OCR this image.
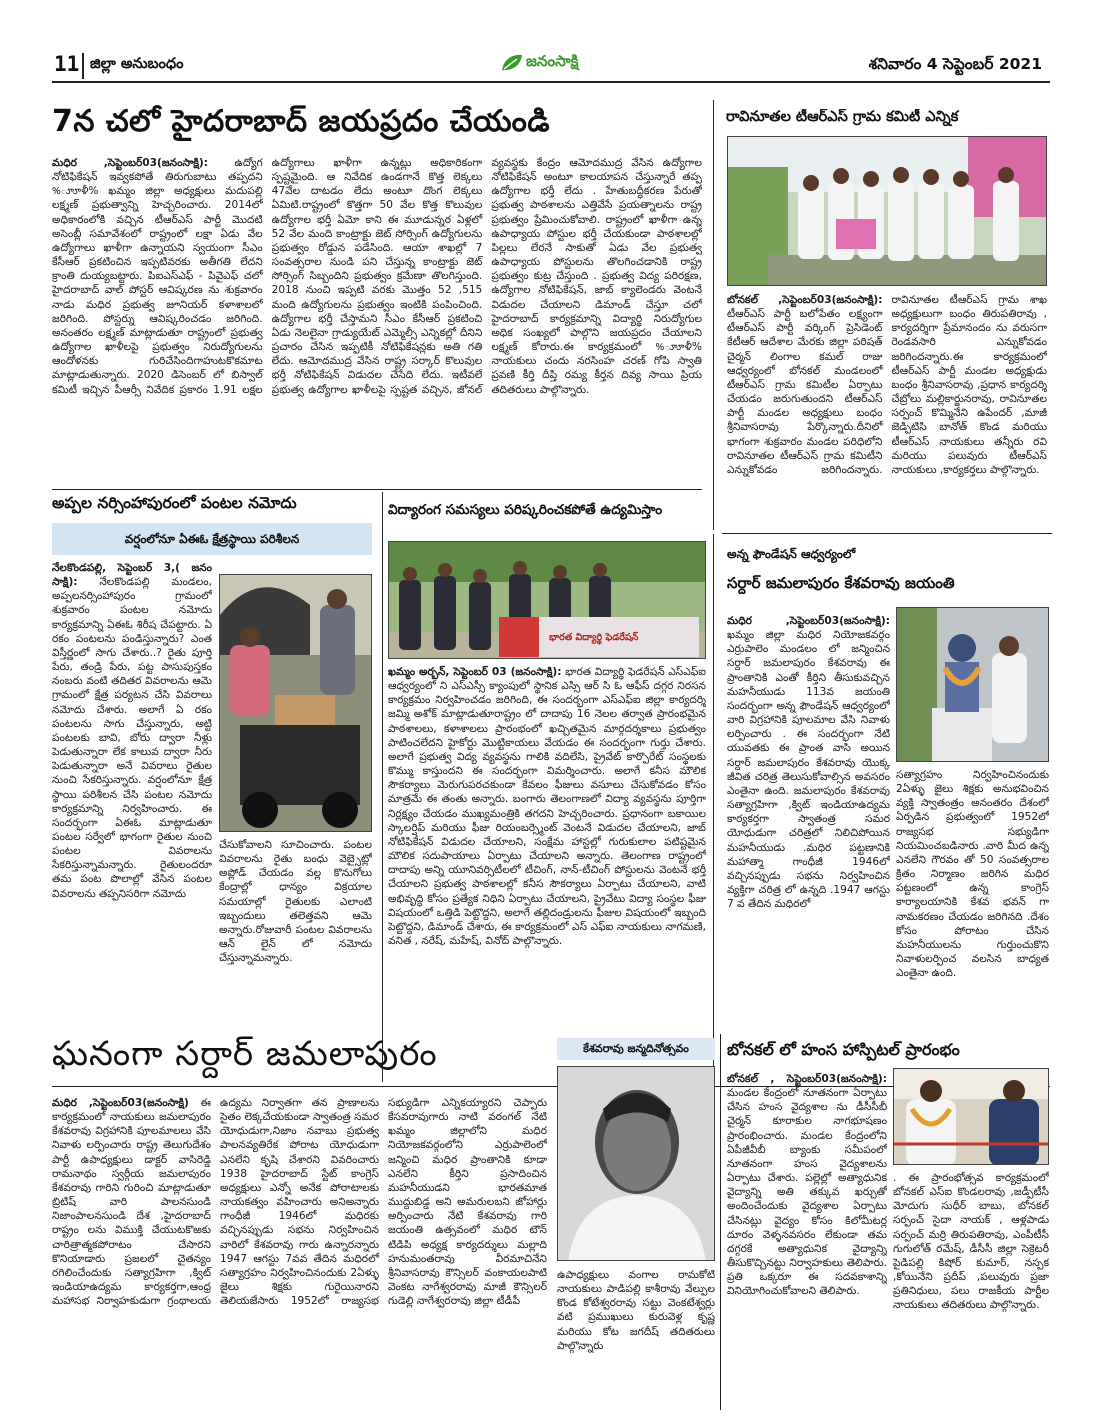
11 జిల్లా అనుబంధం	జనంసాక్షి	శనివారం 4 సెప్టెంబర్ 2021
7న చలో హైదరాబాద్ జయప్రదం చేయండి
మధిర ,సెప్టెంబర్03(జనంసాక్షి): ఉద్యోగ నోటిఫికేషన్ ఇవ్వకపోతే తిరుగుబాటు తప్పదని %ూూళీ% ఖమ్మం జిల్లా అధ్యక్షులు మదుపల్లి లక్ష్మణ్ ప్రభుత్వాన్ని హెచ్చరించారు. 2014లో అధికారంలోకి వచ్చిన టీఆర్ఎస్ పార్టీ మొదటి అసెంబ్లీ సమావేశంలో రాష్ట్రంలో లక్షా ఏడు వేల ఉద్యోగాలు ఖాళీగా ఉన్నాయని స్వయంగా సీఎం కేసీఆర్ ప్రకటించిన ఇప్పటివరకు అతీగతి లేదని క్రాంతి దుయ్యబట్టారు. పిఐఎస్ఎఫ్ - పివైఎఫ్ చలో హైదరాబాద్ వాల్ పోస్టర్ ఆవిష్కరణ ను శుక్రవారం నాడు మధిర ప్రభుత్వ జూనియర్ కళాశాలలో జరిగింది. పోస్టర్ను ఆవిష్కరించడం జరిగింది. అనంతరం లక్ష్మణ్ మాట్లాడుతూ రాష్ట్రంలో ప్రభుత్వ ఉద్యోగాల ఖాళీలపై ప్రభుత్వం నిరుద్యోగులను ఆందోళనకు గురిచేసిందిగాహుటకొకమాట మాట్లాడుతున్నారు. 2020 డిసెంబర్ లో బిస్వాల్ కమిటీ ఇచ్చిన పీఆర్సీ నివేదిక ప్రకారం 1.91 లక్షల ఉద్యోగాలు ఖాళీగా ఉన్నట్లు అధికారికంగా స్పష్టమైంది. ఆ నివేదిక ఉండగానే కొత్త లెక్కలు 47వేల దాటడం లేదు అంటూ దొంగ లెక్కలు ఏమిటి.రాష్ట్రంలో కొత్తగా 50 వేల కొత్త కొలువుల ఉద్యోగాల భర్తీ ఏమో కాని ఈ మూడున్నర ఏళ్లలో 52 వేల మంది కాంట్రాక్టు జెట్ సోర్సింగ్ ఉద్యోగులను ప్రభుత్వం రోడ్డున పడేసింది. ఆయా శాఖల్లో 7 సంవత్సరాల నుండి పని చేస్తున్న కాంట్రాక్టు జెట్ సోర్సింగ్ సిబ్బందిని ప్రభుత్వం క్రమేణా తొలగిస్తుంది. 2018 నుంచి ఇప్పటి వరకు మొత్తం 52 ,515 మంది ఉద్యోగులను ప్రభుత్వం ఇంటికి పంపించింది. ఉద్యోగాల భర్తీ చేస్తామని సీఎం కేసీఆర్ ప్రకటించి ఏడు నెలలైనా గ్రాడ్యుయేట్ ఎమ్మెల్సీ ఎన్నికల్లో దీనిని ప్రచారం చేసిన ఇప్పటికీ నోటిఫికేషన్లకు అతి గతి లేదు. ఆమోదముద్ర వేసిన రాష్ట్ర సర్కార్ కొలువుల భర్తీ నోటిఫికేషన్ విడుదల చేసేది లేదు. ఇటీవలే ప్రభుత్వ ఉద్యోగాల ఖాళీలపై స్పష్టత వచ్చిన, జోనల్ వ్యవస్థకు కేంద్రం ఆమోదముద్ర వేసిన ఉద్యోగాల నోటిఫికేషన్ అంటూ కాలయాపన చేస్తున్నారే తప్ప ఉద్యోగాల భర్తీ లేదు . హేతుబద్ధీకరణ పేరుతో ప్రభుత్వ పాఠశాలను ఎత్తివేసే ప్రయత్నాలను రాష్ట్ర ప్రభుత్వం ప్రేమించుకోవాలి. రాష్ట్రంలో ఖాళీగా ఉన్న ఉపాధ్యాయ పోస్టుల భర్తీ చేయకుండా పాఠశాలల్లో పిల్లలు లేరనే సాకుతో ఏడు వేల ప్రభుత్వ ఉపాధ్యాయ పోస్టులను తొలగించడానికి రాష్ట్ర ప్రభుత్వం కుట్ర చేస్తుంది . ప్రభుత్వ విద్య పరిరక్షణ, ఉద్యోగాల నోటిఫికేషన్, జాబ్ క్యాలెండరు వెంటనే విడుదల చేయాలని డిమాండ్ చేస్తూ చలో హైదరాబాద్ కార్యక్రమాన్ని విద్యార్థి నిరుద్యోగుల అధిక సంఖ్యలో పాల్గొని జయప్రదం చేయాలని లక్ష్మణ్ కోరారు.ఈ కార్యక్రమంలో %ూూళీ% నాయకులు చందు నరసింహ చరణ్ గోపి స్వాతి ప్రవణి కీర్తి దీప్తి రమ్య కీర్తన దివ్య సాయి ప్రియ తదితరులు పాల్గొన్నారు.
రావినూతల టీఆర్ఎస్ గ్రామ కమిటీ ఎన్నిక
బోనకల్ ,సెప్టెంబర్03(జనంసాక్షి): టీఆర్ఎస్ పార్టీ బలోపేతం లక్ష్యంగా టీఆర్ఎస్ పార్టీ వర్కింగ్ ప్రెసిడెంట్ కేటీఆర్ ఆదేశాల మేరకు జిల్లా పరిషత్ చైర్మన్ లింగాల కమల్ రాజు ఆధ్వర్యంలో బోనకల్ మండలంలో టీఆర్ఎస్ గ్రామ కమిటీల ఏర్పాటు చేయడం జరుగుతుందని టీఆర్ఎస్ పార్టీ మండల అధ్యక్షులు బంధం శ్రీనివాసరావు పేర్కొన్నారు.దీనిలో భాగంగా శుక్రవారం మండల పరిధిలోని రావినూతల టీఆర్ఎస్ గ్రామ కమిటీని ఎన్నుకోవడం జరిగిందన్నారు. రావినూతల టీఆర్ఎస్ గ్రామ శాఖ అధ్యక్షులుగా బంధం తిరుపతిరావు , కార్యదర్శిగా ప్రేమానందం ను వరుసగా రెండవసారి ఎన్నుకోవడం జరిగిందన్నారు.ఈ కార్యక్రమంలో టీఆర్ఎస్ పార్టీ మండల అధ్యక్షుడు బంధం శ్రీనివాసరావు ,ప్రధాన కార్యదర్శి చేబ్రోలు మల్లికార్జునరావు, రావినూతల సర్పంచ్ కొమ్మినేని ఉపేందర్ ,మాజీ జెడ్పిటిసి బానోత్ కొండ మరియు టీఆర్ఎస్ నాయకులు తన్నీరు రవి మరియు పలువురు టీఆర్ఎస్ నాయకులు ,కార్యకర్తలు పాల్గొన్నారు.
అప్పల నర్సింహాపురంలో పంటల నమోదు
వర్షంలోనూ ఏఈఓ క్షేత్రస్థాయి పరిశీలన
నేలకొండపల్లి, సెప్టెంబర్ 3,( జనం సాక్షి): నేలకొండపల్లి మండలం, అప్పలనర్సింహాపురం గ్రామంలో శుక్రవారం పంటల నమోదు కార్యక్రమాన్ని ఏఈఓ శిరీష చేపట్టారు. ఏ రకం పంటలను పండిస్తున్నారు? ఎంత విస్తీర్ణంలో సాగు చేశారు..? రైతు పూర్తి పేరు, తండ్రి పేరు, పట్ట పాసుపుస్తకం నంబరు వంటి తదితర వివరాలను ఆమె గ్రామంలో క్షేత్ర పర్యటన చేసి వివరాలు నమోదు చేశారు. అలాగే ఏ రకం పంటలను సాగు చేస్తున్నారు, అట్టి పంటలకు బావి, బోరు ద్వారా నీళ్లు పెడుతున్నారా లేక కాలువ ద్వారా నీరు పెడుతున్నారా అనే వివరాలు రైతుల నుంచి సేకరిస్తున్నారు. వర్షంలోనూ క్షేత్ర స్థాయి పరిశీలన చేసి పంటల నమోదు కార్యక్రమాన్ని నిర్వహించారు. ఈ సందర్భంగా ఏఈఓ మాట్లాడుతూ పంటల సర్వేలో భాగంగా రైతుల నుంచి పంటల వివరాలను సేకరిస్తున్నామన్నారు. రైతులందరూ తమ పంట పొలాల్లో వేసిన పంటల వివరాలను తప్పనిసరిగా నమోదు
చేసుకోవాలని సూచించారు. పంటల వివరాలను రైతు బంధు వెబ్సైట్లో అప్లోడ్ చేయడం వల్ల కొనుగోలు కేంద్రాల్లో ధాన్యం విక్రయాల సమయాల్లో రైతులకు ఎలాంటి ఇబ్బందులు తలెత్తవని ఆమె అన్నారు.రోజువారీ పంటల వివరాలను ఆన్ లైన్ లో నమోదు చేస్తున్నామన్నారు.
విద్యారంగ సమస్యలు పరిష్కరించకపోతే ఉద్యమిస్తాం
భారత విద్యార్థి ఫెడరేషన్
ఖమ్మం అర్బన్, సెప్టెంబర్ 03 (జనంసాక్షి): భారత విద్యార్థి ఫెడరేషన్ ఎస్ఎఫ్ఐ ఆధ్వర్యంలో ని ఎస్ఎస్సీ క్యాంపులో స్థానిక ఎస్సి ఆర్ సి ఓ ఆఫీస్ దగ్గర నిరసన కార్యక్రమం నిర్వహించడం జరిగింది, ఈ సందర్భంగా ఎస్ఎఫ్ఐ జిల్లా కార్యదర్శి జమ్మి అశోక్ మాట్లాడుతూరాష్ట్రం లో దాదాపు 16 నెలల తర్వాత ప్రారంభమైన పాఠశాలలు, కళాశాలలు ప్రారంభంలో ఖచ్చితమైన మార్గదర్శకాలు ప్రభుత్వం పాటించలేదని హైకోర్టు మొట్టికాయలు వేయడం ఈ సందర్భంగా గుర్తు చేశారు. అలాగే ప్రభుత్వ విద్య వ్యవస్థను గాలికి వదిలేసి, ప్రైవేట్ కార్పొరేట్ సంస్థలకు కొమ్ము కాస్తుందని ఈ సందర్భంగా విమర్శించారు. అలాగే కనీస మౌలిక సౌకర్యాలు మెరుగుపరచకుండా కేవలం ఫీజులు వసూలు చేసుకోవడం కోసం మాత్రమే ఈ తంతు అన్నారు. బంగారు తెలంగాణలో విద్యా వ్యవస్థను పూర్తిగా నిర్లక్ష్యం చేయడం ముఖ్యమంత్రికి తగదని హెచ్చరించారు. ప్రధానంగా బకాయిల స్కాలర్షిప్ మరియు ఫీజు రియంబర్స్మెంట్ వెంటనే విడుదల చేయాలని, జాబ్ నోటిఫికేషన్ విడుదల చేయాలని, సంక్షేమ హాస్టల్లో గురుకులాల పటిష్టమైన మౌలిక సదుపాయాలు ఏర్పాటు చేయాలని అన్నారు. తెలంగాణ రాష్ట్రంలో దాదాపు అన్ని యూనివర్సిటీలలో టీచింగ్, నాన్-టీచింగ్ పోస్టులను వెంటనే భర్తీ చేయాలని ప్రభుత్వ పాఠశాలల్లో కనీస సౌకర్యాలు ఏర్పాటు చేయాలని, వాటి అభివృద్ధి కోసం ప్రత్యేక నిధిని ఏర్పాటు చేయాలని, ప్రైవేటు విద్యా సంస్థల ఫీజు విషయంలో ఒత్తిడి పెట్టొద్దని, అలాగే తల్లిదండ్రులను ఫీజుల విషయంలో ఇబ్బంది పెట్టొద్దని, డిమాండ్ చేశారు, ఈ కార్యక్రమంలో ఎస్ ఎఫ్ఐ నాయకులు నాగమణి, వనిత , నరేష్, మహేష్, వినోద్ పాల్గొన్నారు.
అన్న ఫౌండేషన్ ఆధ్వర్యంలో
సర్దార్ జమలాపురం కేశవరావు జయంతి
మధిర ,సెప్టెంబర్03(జనంసాక్షి): ఖమ్మం జిల్లా మధిర నియోజకవర్గం ఎర్రుపాలెం మండలం లో జన్మించిన సర్దార్ జమలాపురం కేశవరావు ఈ ప్రాంతానికి ఎంతో కీర్తిని తీసుకువచ్చిన మహనీయుడు 113వ జయంతి సందర్భంగా అన్న ఫౌండేషన్ ఆధ్వర్యంలో వారి విగ్రహానికి పూలమాల వేసి నివాళు లర్పించారు . ఈ సందర్భంగా నేటి యువతకు ఈ ప్రాంత వాసి అయిన సర్దార్ జమలాపురం కేశవరావు యొక్క జీవిత చరిత్ర తెలుసుకోవాల్సిన అవసరం ఎంతైనా ఉంది. జమలాపురం కేశవరావు సత్యాగ్రహిగా ,క్విట్ ఇండియాఉద్యమ కార్యకర్తగా స్వాతంత్ర సమర యోధుడుగా చరిత్రలో నిలిచిపోయిన మహనీయుడు .మధిర పట్టణానికి మహాత్మా గాంధీజీ 1946లో వచ్చినప్పుడు సభను నిర్వహించిన వ్యక్తిగా చరిత్ర లో ఉన్నది .1947 ఆగస్టు 7 వ తేదిన మధిరలో
సత్యాగ్రహం నిర్వహించినందుకు 2ఏళ్ళు జైలు శిక్షకు అనుభవించిన వ్యక్తి స్వాతంత్రం అనంతరం దేశంలో ఏర్పడిన ప్రభుత్వంలో 1952లో రాజ్యసభ సభ్యుడిగా నియమించబడినారు .వారి మీద ఉన్న ఎనలేని గౌరవం తో 50 సంవత్సరాల క్రితం నిర్మాణం జరిగిన మధిర పట్టణంలో ఉన్న కాంగ్రెస్ కార్యాలయానికి కేశవ భవన్ గా నామకరణం చేయడం జరిగినది .దేశం కోసం పోరాటం చేసిన మహనీయులను గుర్తుంచుకొని నివాళులర్పించ వలసిన బాధ్యత ఎంతైనా ఉంది.
ఘనంగా సర్దార్ జమలాపురం	కేశవరావు జన్మదినోత్సవం
మధిర ,సెప్టెంబర్03(జనంసాక్షి) ఈ కార్యక్రమంలో నాయకులు జమలాపురం కేశవరావు విగ్రహానికి పూలమాలలు వేసి నివాళు లర్పించారు రాష్ట్ర తెలుగుదేశం పార్టీ ఉపాధ్యక్షులు డాక్టర్ వాసిరెడ్డి రామనాథం స్వర్గీయ జమలాపురం కేశవరావు గారిని గురించి మాట్లాడుతూ బ్రిటిష్ వారి పాలనసుండి నిజాంపాలనసుండి దేశ ,హైదరాబాద్ రాష్ట్రం లను విముక్తి చేయుటకొఱకు చారిత్రాత్మకపోరాటం చేసారని కొనియాడారు ప్రజలలో చైతన్యం రగిలించేందుకు సత్యాగ్రహిగా ,క్విట్ ఇండియాఉద్యమ కార్యకర్తగా,ఆంధ్ర మహాసభ నిర్వాహకుడుగా గ్రంథాలయ ఉద్యమ నిర్వాతగా తన ప్రాణాలను సైతం లెక్కచేయకుండా స్వాతంత్ర సమర యోధుడుగా,నిజాం నవాబు ప్రభుత్వ పాలనవ్యతిరేక పోరాట యోధుడుగా ఎనలేని కృషి చేశారని వివరించారు 1938 హైదరాబాద్ స్టేట్ కాంగ్రెస్ అధ్యక్షులు ఎన్నో అనేక పోరాటాలకు నాయకత్వం వహించారు అనిఅన్నారు గాంధీజీ 1946లో మధిరకు వచ్చినప్పుడు సభను నిర్వహించిన వారిలో కేశవరావు గారు ఉన్నారన్నారు 1947 ఆగస్టు 7వవ తేదిన మధిరలో సత్యాగ్రహం నిర్వహించినందుకు 2ఏళ్ళు జైలు శిక్షకు గురైయినారని తెలియజేసారు 1952లో రాజ్యసభ సభ్యుడిగా ఎన్నికయ్యారని చెప్పారు కేసవరావుగారు నాటి వరంగల్ నేటి ఖమ్మం జిల్లాలోని మధిర నియోజకవర్గంలోని ఎర్రుపాలెంలో జన్మించి మధిర ప్రాంతానికి కూడా ఎనలేని కీర్తిని ప్రసాదించిన మహనీయుడని భారతమాత ముద్దుబిడ్డ అని అమరులబని జోహార్లు అర్పించారు నేటి కేశవరావు గారి జయంతి ఉత్సవంలో మధిర టౌన్ టిడిపి అధ్యక్ష కార్యదర్శులు మల్లాది హనుమంతరావు వీరమాచినేని శ్రీనివాసరావు కౌన్సిలర్ వంకాయలపాటి వెంకట నాగేశ్వరరావు మాజీ కౌన్సిలర్ గుడెల్లి నాగేశ్వరరావు జిల్లా టీడీపీ
ఉపాధ్యక్షులు వంగాల రామకోటి నాయకులు పాడిపల్లి కాశీరావు వేల్పుల కొండ కోటేశ్వరరావు సట్టు వెంకటేశ్వర్లు వటి ప్రముఖులు కురువెళ్ల కృష్ణ మరియు కోట జగదీష్ తదితరులు పాల్గొన్నారు
బోనకల్ లో హంస హాస్పిటల్ ప్రారంభం
బోనకల్ , సెప్టెంబర్03(జనంసాక్షి): మండల కేంద్రంలో నూతనంగా ఏర్పాటు చేసిన హంస వైద్యశాల ను డీసీసీబీ చైర్మన్ కూరాకుల నాగభూషణం ప్రారంభించారు. మండల కేంద్రంలోని ఏపీజీవీబీ బ్యాంకు సమీపంలో నూతనంగా హంస వైద్యశాలను ఏర్పాటు చేశారు. పల్లెల్లో అత్యాధునిక వైద్యాన్ని అతి తక్కువ ఖర్చుతో అందించేందుకు వైద్యశాల ఏర్పాటు చేసినట్లు వైద్యం కోసం కిలోమీటర్ల దూరం వెళ్ళనవసరం లేకుండా తమ దగ్గరకే అత్యాధునిక వైద్యాన్ని తీసుకొచ్చినట్టు నిర్వాహకులు తెలిపారు. ప్రతి ఒక్కరూ ఈ సదవకాశాన్ని వినియోగించుకోవాలని తెలిపారు.
. ఈ ప్రారంభోత్సవ కార్యక్రమంలో బోనకల్ ఎస్ఐ కొండలరావు ,జడ్పీటీసీ మోదుగు సుధీర్ బాబు, బోనకల్ సర్పంచ్ సైదా నాయక్ , ఆళ్లపాడు సర్పంచ్ మర్రి తిరుపతిరావు, ఎంపీటీసీ గుగులోత్ రమేష్, డీసీసీ జిల్లా సెక్రెటరీ పైడిపల్లి కిషోర్ కుమార్, నస్పక ,కోయినేని ప్రదీప్ ,పలువురు ప్రజా ప్రతినిధులు, పలు రాజకీయ పార్టీల నాయకులు తదితరులు పాల్గొన్నారు.
